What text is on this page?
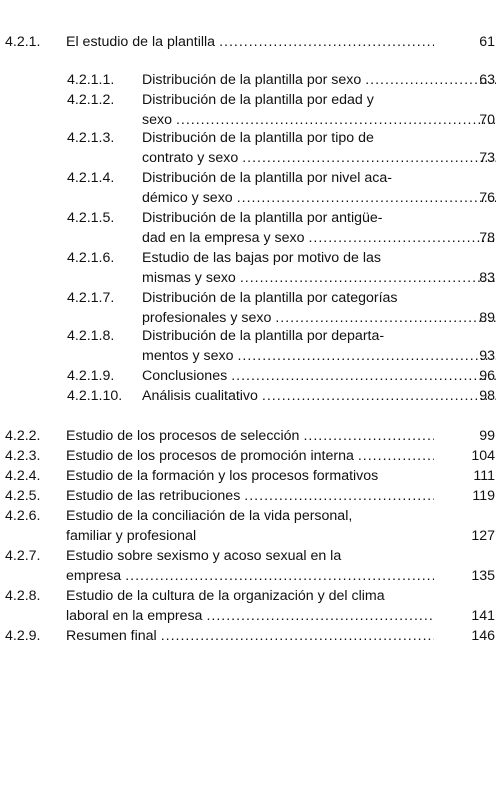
4.2.1. El estudio de la plantilla .....	61
4.2.1.1. Distribución de la plantilla por sexo .....	63
4.2.1.2. Distribución de la plantilla por edad y
sexo .....	70
4.2.1.3. Distribución de la plantilla por tipo de
contrato y sexo .....	73
4.2.1.4. Distribución de la plantilla por nivel aca-
démico y sexo .....	76
4.2.1.5. Distribución de la plantilla por antigüe-
dad en la empresa y sexo .....	78
4.2.1.6. Estudio de las bajas por motivo de las
mismas y sexo .....	83
4.2.1.7. Distribución de la plantilla por categorías
profesionales y sexo .....	89
4.2.1.8. Distribución de la plantilla por departa-
mentos y sexo .....	93
4.2.1.9. Conclusiones .....	96
4.2.1.10. Análisis cualitativo .....	98
4.2.2. Estudio de los procesos de selección .....	99
4.2.3. Estudio de los procesos de promoción interna .....	104
4.2.4. Estudio de la formación y los procesos formativos	111
4.2.5. Estudio de las retribuciones .....	119
4.2.6. Estudio de la conciliación de la vida personal,
familiar y profesional	127
4.2.7. Estudio sobre sexismo y acoso sexual en la
empresa .....	135
4.2.8. Estudio de la cultura de la organización y del clima
laboral en la empresa .....	141
4.2.9. Resumen final .....	146
